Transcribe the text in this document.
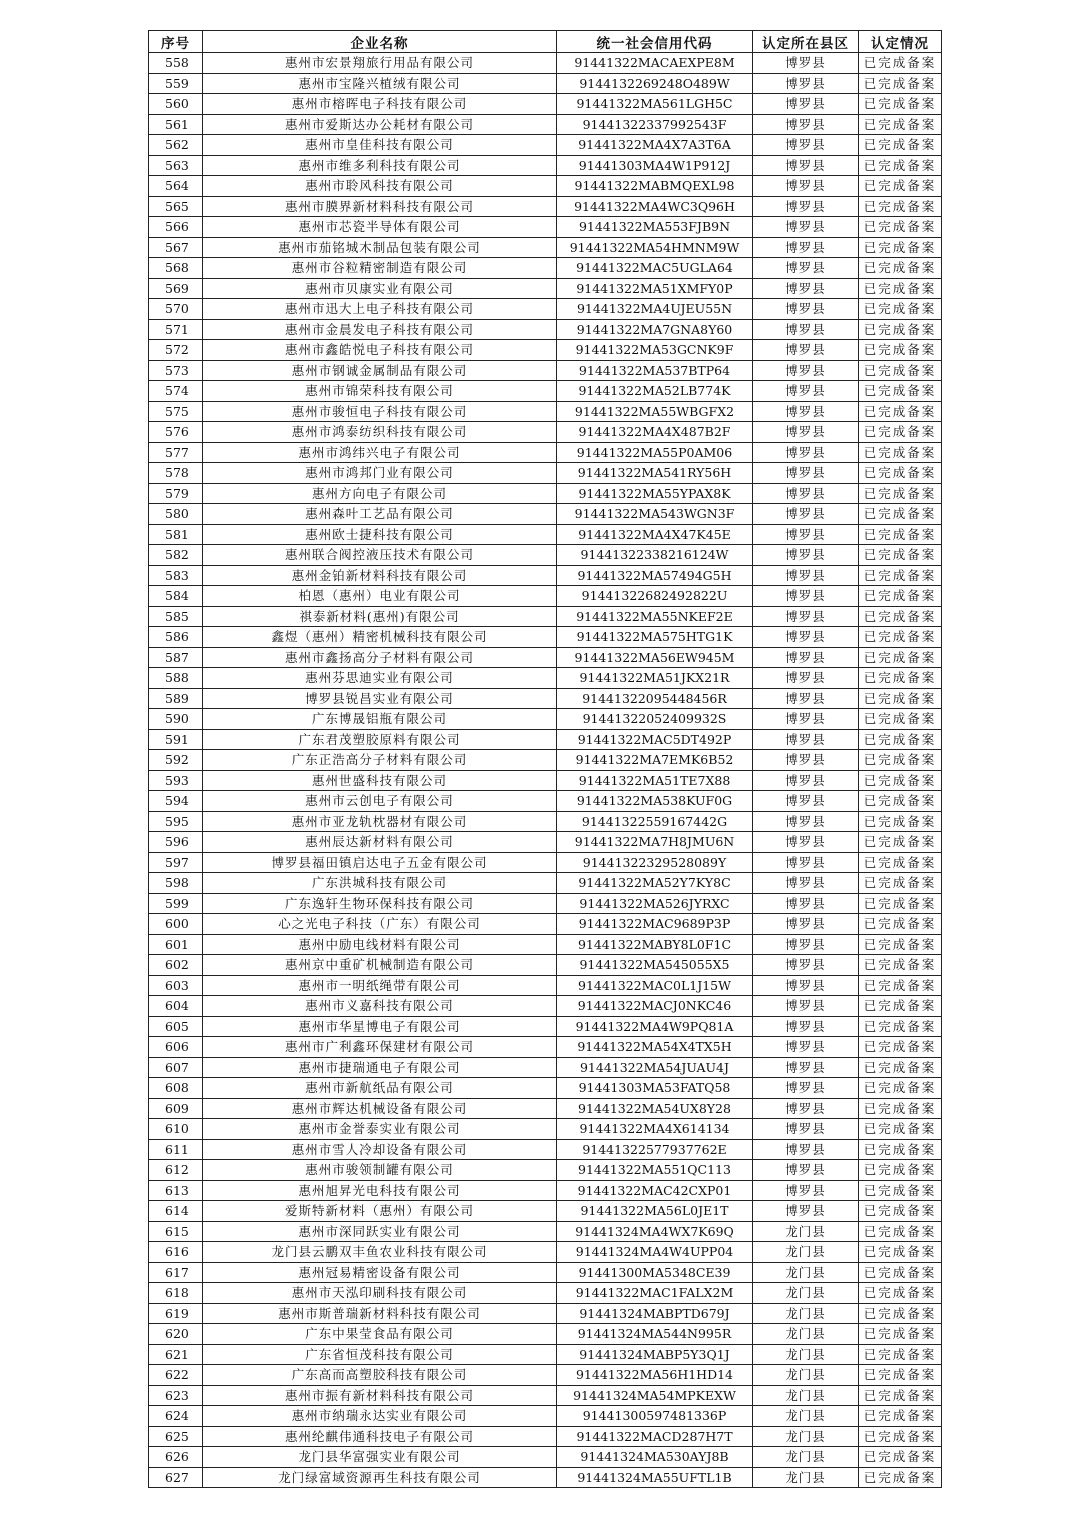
序号	企业名称	统一社会信用代码	认定所在县区	认定情况
558	惠州市宏景翔旅行用品有限公司	91441322MACAEXPE8M	博罗县	已完成备案
559	惠州市宝隆兴植绒有限公司	9144132269248O489W	博罗县	已完成备案
560	惠州市榕晖电子科技有限公司	91441322MA561LGH5C	博罗县	已完成备案
561	惠州市爱斯达办公耗材有限公司	91441322337992543F	博罗县	已完成备案
562	惠州市皇佳科技有限公司	91441322MA4X7A3T6A	博罗县	已完成备案
563	惠州市维多利科技有限公司	91441303MA4W1P912J	博罗县	已完成备案
564	惠州市聆风科技有限公司	91441322MABMQEXL98	博罗县	已完成备案
565	惠州市膜界新材料科技有限公司	91441322MA4WC3Q96H	博罗县	已完成备案
566	惠州市芯瓷半导体有限公司	91441322MA553FJB9N	博罗县	已完成备案
567	惠州市茄铭城木制品包装有限公司	91441322MA54HMNM9W	博罗县	已完成备案
568	惠州市谷粒精密制造有限公司	91441322MAC5UGLA64	博罗县	已完成备案
569	惠州市贝康实业有限公司	91441322MA51XMFY0P	博罗县	已完成备案
570	惠州市迅大上电子科技有限公司	91441322MA4UJEU55N	博罗县	已完成备案
571	惠州市金晨发电子科技有限公司	91441322MA7GNA8Y60	博罗县	已完成备案
572	惠州市鑫皓悦电子科技有限公司	91441322MA53GCNK9F	博罗县	已完成备案
573	惠州市钢诚金属制品有限公司	91441322MA537BTP64	博罗县	已完成备案
574	惠州市锦荣科技有限公司	91441322MA52LB774K	博罗县	已完成备案
575	惠州市骏恒电子科技有限公司	91441322MA55WBGFX2	博罗县	已完成备案
576	惠州市鸿泰纺织科技有限公司	91441322MA4X487B2F	博罗县	已完成备案
577	惠州市鸿纬兴电子有限公司	91441322MA55P0AM06	博罗县	已完成备案
578	惠州市鸿邦门业有限公司	91441322MA541RY56H	博罗县	已完成备案
579	惠州方向电子有限公司	91441322MA55YPAX8K	博罗县	已完成备案
580	惠州森叶工艺品有限公司	91441322MA543WGN3F	博罗县	已完成备案
581	惠州欧士捷科技有限公司	91441322MA4X47K45E	博罗县	已完成备案
582	惠州联合阀控液压技术有限公司	91441322338216124W	博罗县	已完成备案
583	惠州金铂新材料科技有限公司	91441322MA57494G5H	博罗县	已完成备案
584	柏恩（惠州）电业有限公司	91441322682492822U	博罗县	已完成备案
585	祺泰新材料(惠州)有限公司	91441322MA55NKEF2E	博罗县	已完成备案
586	鑫煜（惠州）精密机械科技有限公司	91441322MA575HTG1K	博罗县	已完成备案
587	惠州市鑫扬高分子材料有限公司	91441322MA56EW945M	博罗县	已完成备案
588	惠州芬思迪实业有限公司	91441322MA51JKX21R	博罗县	已完成备案
589	博罗县锐昌实业有限公司	91441322095448456R	博罗县	已完成备案
590	广东博晟铝瓶有限公司	91441322052409932S	博罗县	已完成备案
591	广东君茂塑胶原料有限公司	91441322MAC5DT492P	博罗县	已完成备案
592	广东正浩高分子材料有限公司	91441322MA7EMK6B52	博罗县	已完成备案
593	惠州世盛科技有限公司	91441322MA51TE7X88	博罗县	已完成备案
594	惠州市云创电子有限公司	91441322MA538KUF0G	博罗县	已完成备案
595	惠州市亚龙轨枕器材有限公司	91441322559167442G	博罗县	已完成备案
596	惠州辰达新材料有限公司	91441322MA7H8JMU6N	博罗县	已完成备案
597	博罗县福田镇启达电子五金有限公司	91441322329528089Y	博罗县	已完成备案
598	广东洪城科技有限公司	91441322MA52Y7KY8C	博罗县	已完成备案
599	广东逸轩生物环保科技有限公司	91441322MA526JYRXC	博罗县	已完成备案
600	心之光电子科技（广东）有限公司	91441322MAC9689P3P	博罗县	已完成备案
601	惠州中励电线材料有限公司	91441322MABY8L0F1C	博罗县	已完成备案
602	惠州京中重矿机械制造有限公司	91441322MA545055X5	博罗县	已完成备案
603	惠州市一明纸绳带有限公司	91441322MAC0L1J15W	博罗县	已完成备案
604	惠州市义嘉科技有限公司	91441322MACJ0NKC46	博罗县	已完成备案
605	惠州市华星博电子有限公司	91441322MA4W9PQ81A	博罗县	已完成备案
606	惠州市广利鑫环保建材有限公司	91441322MA54X4TX5H	博罗县	已完成备案
607	惠州市捷瑞通电子有限公司	91441322MA54JUAU4J	博罗县	已完成备案
608	惠州市新航纸品有限公司	91441303MA53FATQ58	博罗县	已完成备案
609	惠州市辉达机械设备有限公司	91441322MA54UX8Y28	博罗县	已完成备案
610	惠州市金誉泰实业有限公司	91441322MA4X614134	博罗县	已完成备案
611	惠州市雪人冷却设备有限公司	91441322577937762E	博罗县	已完成备案
612	惠州市骏领制罐有限公司	91441322MA551QC113	博罗县	已完成备案
613	惠州旭昇光电科技有限公司	91441322MAC42CXP01	博罗县	已完成备案
614	爱斯特新材料（惠州）有限公司	91441322MA56L0JE1T	博罗县	已完成备案
615	惠州市深同跃实业有限公司	91441324MA4WX7K69Q	龙门县	已完成备案
616	龙门县云鹏双丰鱼农业科技有限公司	91441324MA4W4UPP04	龙门县	已完成备案
617	惠州冠易精密设备有限公司	91441300MA5348CE39	龙门县	已完成备案
618	惠州市天泓印刷科技有限公司	91441322MAC1FALX2M	龙门县	已完成备案
619	惠州市斯普瑞新材料科技有限公司	91441324MABPTD679J	龙门县	已完成备案
620	广东中果莹食品有限公司	91441324MA544N995R	龙门县	已完成备案
621	广东省恒茂科技有限公司	91441324MABP5Y3Q1J	龙门县	已完成备案
622	广东高而高塑胶科技有限公司	91441322MA56H1HD14	龙门县	已完成备案
623	惠州市振有新材料科技有限公司	91441324MA54MPKEXW	龙门县	已完成备案
624	惠州市纳瑞永达实业有限公司	91441300597481336P	龙门县	已完成备案
625	惠州纶麒伟通科技电子有限公司	91441322MACD287H7T	龙门县	已完成备案
626	龙门县华富强实业有限公司	91441324MA530AYJ8B	龙门县	已完成备案
627	龙门绿富域资源再生科技有限公司	91441324MA55UFTL1B	龙门县	已完成备案
